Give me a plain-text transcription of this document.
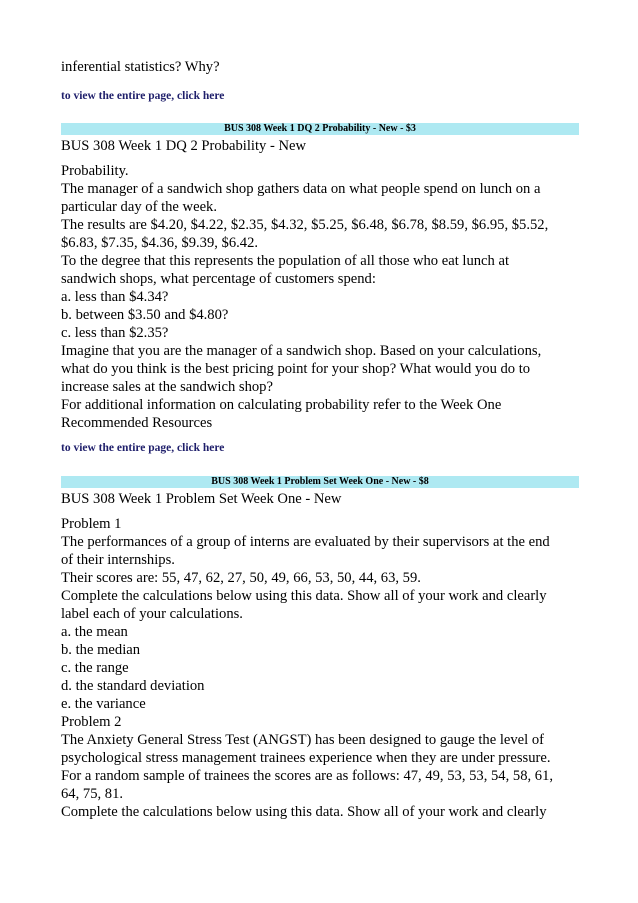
inferential statistics? Why?
to view the entire page, click here
BUS 308 Week 1 DQ 2 Probability - New - $3
BUS 308 Week 1 DQ 2 Probability - New
Probability.
The manager of a sandwich shop gathers data on what people spend on lunch on a
particular day of the week.
The results are $4.20, $4.22, $2.35, $4.32, $5.25, $6.48, $6.78, $8.59, $6.95, $5.52,
$6.83, $7.35, $4.36, $9.39, $6.42.
To the degree that this represents the population of all those who eat lunch at
sandwich shops, what percentage of customers spend:
a. less than $4.34?
b. between $3.50 and $4.80?
c. less than $2.35?
Imagine that you are the manager of a sandwich shop. Based on your calculations,
what do you think is the best pricing point for your shop? What would you do to
increase sales at the sandwich shop?
For additional information on calculating probability refer to the Week One
Recommended Resources
to view the entire page, click here
BUS 308 Week 1 Problem Set Week One - New - $8
BUS 308 Week 1 Problem Set Week One - New
Problem 1
The performances of a group of interns are evaluated by their supervisors at the end
of their internships.
Their scores are: 55, 47, 62, 27, 50, 49, 66, 53, 50, 44, 63, 59.
Complete the calculations below using this data. Show all of your work and clearly
label each of your calculations.
a. the mean
b. the median
c. the range
d. the standard deviation
e. the variance
Problem 2
The Anxiety General Stress Test (ANGST) has been designed to gauge the level of
psychological stress management trainees experience when they are under pressure.
For a random sample of trainees the scores are as follows: 47, 49, 53, 53, 54, 58, 61,
64, 75, 81.
Complete the calculations below using this data. Show all of your work and clearly
